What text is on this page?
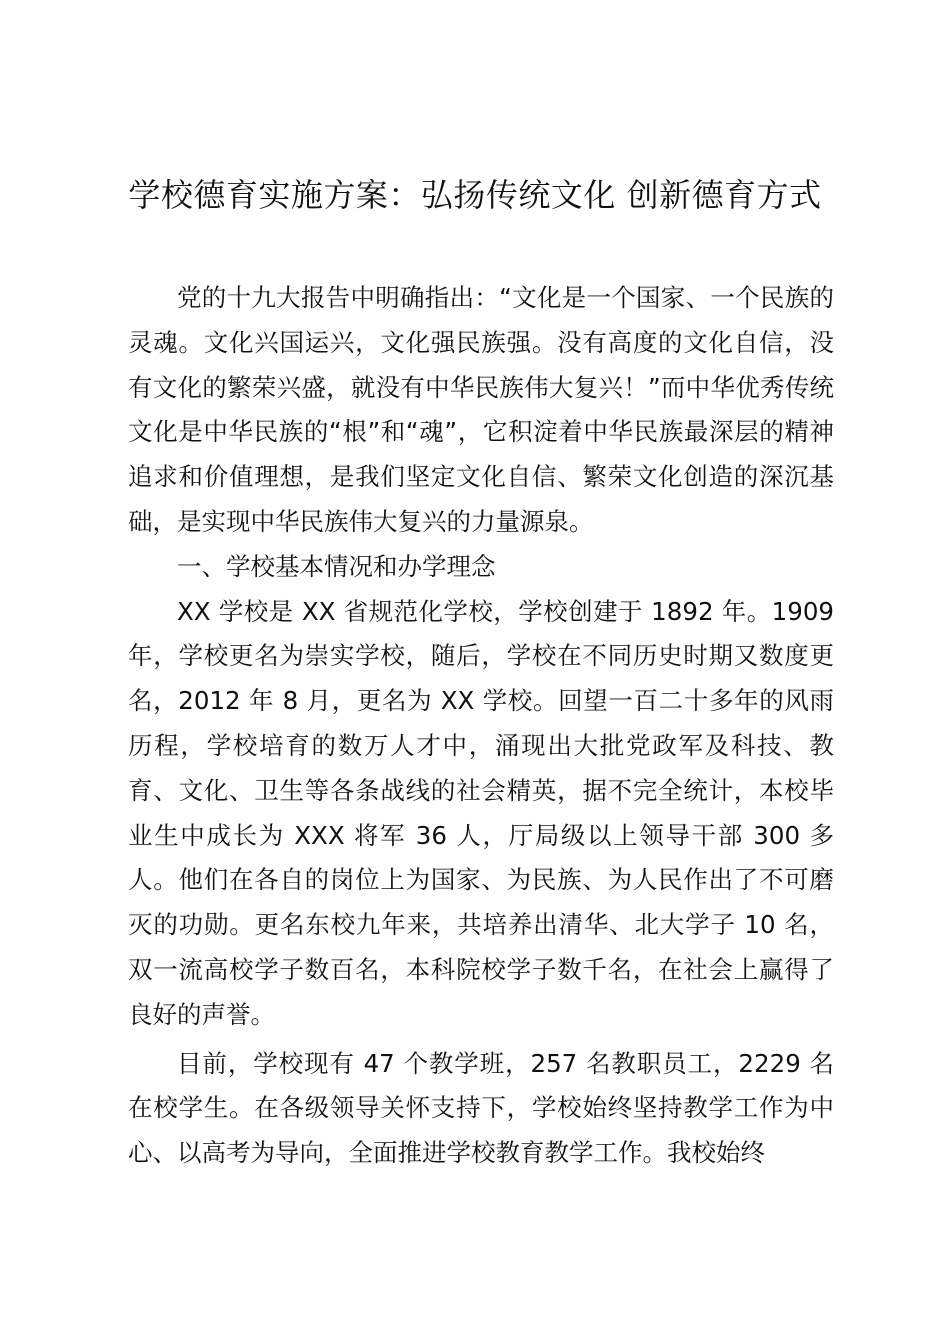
学校德育实施方案：弘扬传统文化 创新德育方式

党的十九大报告中明确指出：“文化是一个国家、一个民族的灵魂。文化兴国运兴，文化强民族强。没有高度的文化自信，没有文化的繁荣兴盛，就没有中华民族伟大复兴！”而中华优秀传统文化是中华民族的“根”和“魂”，它积淀着中华民族最深层的精神追求和价值理想，是我们坚定文化自信、繁荣文化创造的深沉基础，是实现中华民族伟大复兴的力量源泉。

一、学校基本情况和办学理念

XX 学校是 XX 省规范化学校，学校创建于 1892 年。1909 年，学校更名为崇实学校，随后，学校在不同历史时期又数度更名，2012 年 8 月，更名为 XX 学校。回望一百二十多年的风雨历程，学校培育的数万人才中，涌现出大批党政军及科技、教育、文化、卫生等各条战线的社会精英，据不完全统计，本校毕业生中成长为 XXX 将军 36 人，厅局级以上领导干部 300 多人。他们在各自的岗位上为国家、为民族、为人民作出了不可磨灭的功勋。更名东校九年来，共培养出清华、北大学子 10 名，双一流高校学子数百名，本科院校学子数千名，在社会上赢得了良好的声誉。

目前，学校现有 47 个教学班，257 名教职员工，2229 名在校学生。在各级领导关怀支持下，学校始终坚持教学工作为中心、以高考为导向，全面推进学校教育教学工作。我校始终
